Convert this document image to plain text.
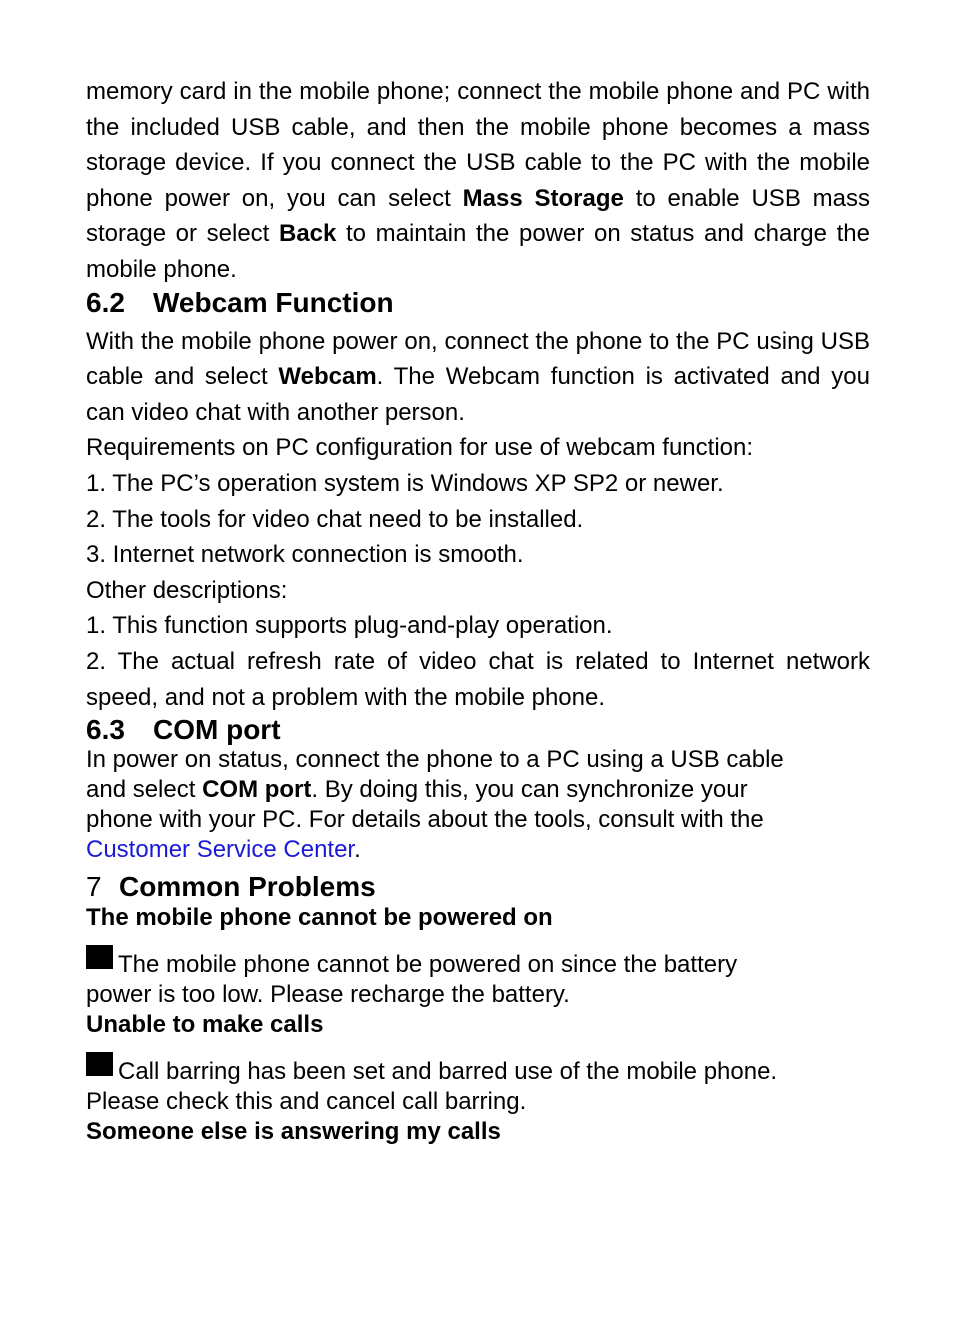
memory card in the mobile phone; connect the mobile phone and PC with the included USB cable, and then the mobile phone becomes a mass storage device. If you connect the USB cable to the PC with the mobile phone power on, you can select Mass Storage to enable USB mass storage or select Back to maintain the power on status and charge the mobile phone.

6.2 Webcam Function

With the mobile phone power on, connect the phone to the PC using USB cable and select Webcam. The Webcam function is activated and you can video chat with another person.

Requirements on PC configuration for use of webcam function:

1. The PC’s operation system is Windows XP SP2 or newer.

2. The tools for video chat need to be installed.

3. Internet network connection is smooth.

Other descriptions:

1. This function supports plug-and-play operation.

2. The actual refresh rate of video chat is related to Internet network speed, and not a problem with the mobile phone.

6.3 COM port

In power on status, connect the phone to a PC using a USB cable
and select COM port. By doing this, you can synchronize your
phone with your PC. For details about the tools, consult with the
Customer Service Center.

7 Common Problems

The mobile phone cannot be powered on

The mobile phone cannot be powered on since the battery

power is too low. Please recharge the battery.

Unable to make calls

Call barring has been set and barred use of the mobile phone.

Please check this and cancel call barring.

Someone else is answering my calls
